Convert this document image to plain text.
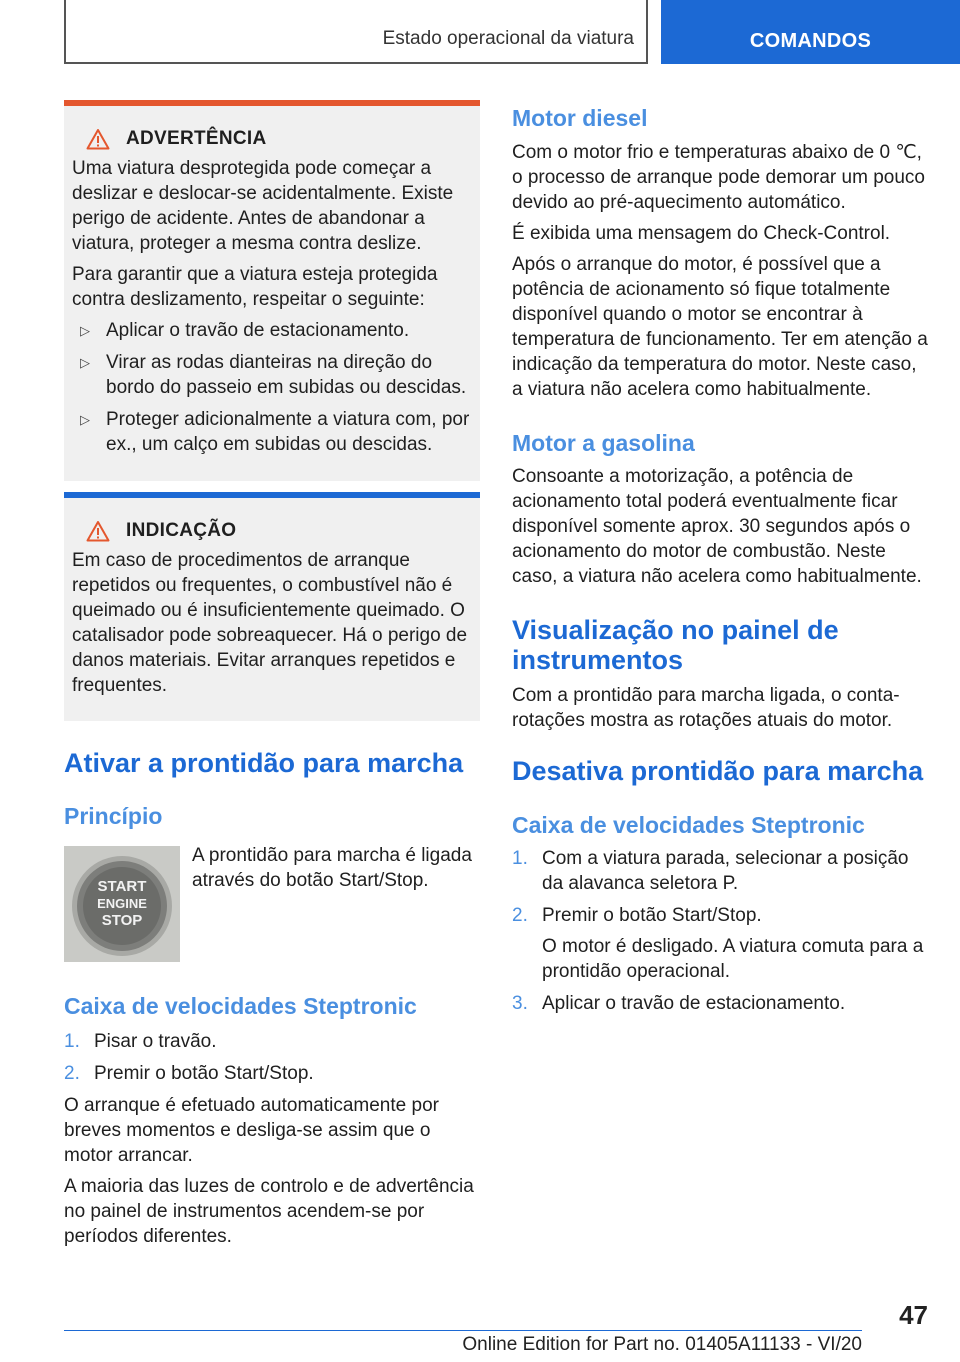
Estado operacional da viatura	COMANDOS
ADVERTÊNCIA

Uma viatura desprotegida pode começar a deslizar e deslocar-se acidentalmente. Existe perigo de acidente. Antes de abandonar a viatura, proteger a mesma contra deslize.

Para garantir que a viatura esteja protegida contra deslizamento, respeitar o seguinte:

▷ Aplicar o travão de estacionamento.
▷ Virar as rodas dianteiras na direção do bordo do passeio em subidas ou descidas.
▷ Proteger adicionalmente a viatura com, por ex., um calço em subidas ou descidas.
INDICAÇÃO

Em caso de procedimentos de arranque repetidos ou frequentes, o combustível não é queimado ou é insuficientemente queimado. O catalisador pode sobreaquecer. Há o perigo de danos materiais. Evitar arranques repetidos e frequentes.

Ativar a prontidão para marcha
Princípio
START
ENGINE
STOP

A prontidão para marcha é ligada através do botão Start/Stop.

Caixa de velocidades Steptronic
1. Pisar o travão.
2. Premir o botão Start/Stop.

O arranque é efetuado automaticamente por breves momentos e desliga-se assim que o motor arrancar.

A maioria das luzes de controlo e de advertência no painel de instrumentos acendem-se por períodos diferentes.

Motor diesel

Com o motor frio e temperaturas abaixo de 0 ℃, o processo de arranque pode demorar um pouco devido ao pré-aquecimento automático.

É exibida uma mensagem do Check-Control.

Após o arranque do motor, é possível que a potência de acionamento só fique totalmente disponível quando o motor se encontrar à temperatura de funcionamento. Ter em atenção a indicação da temperatura do motor. Neste caso, a viatura não acelera como habitualmente.

Motor a gasolina

Consoante a motorização, a potência de acionamento total poderá eventualmente ficar disponível somente aprox. 30 segundos após o acionamento do motor de combustão. Neste caso, a viatura não acelera como habitualmente.

Visualização no painel de instrumentos

Com a prontidão para marcha ligada, o conta-rotações mostra as rotações atuais do motor.

Desativa prontidão para marcha
Caixa de velocidades Steptronic
1. Com a viatura parada, selecionar a posição da alavanca seletora P.
2. Premir o botão Start/Stop.
O motor é desligado. A viatura comuta para a prontidão operacional.
3. Aplicar o travão de estacionamento.
47
Online Edition for Part no. 01405A11133 - VI/20
